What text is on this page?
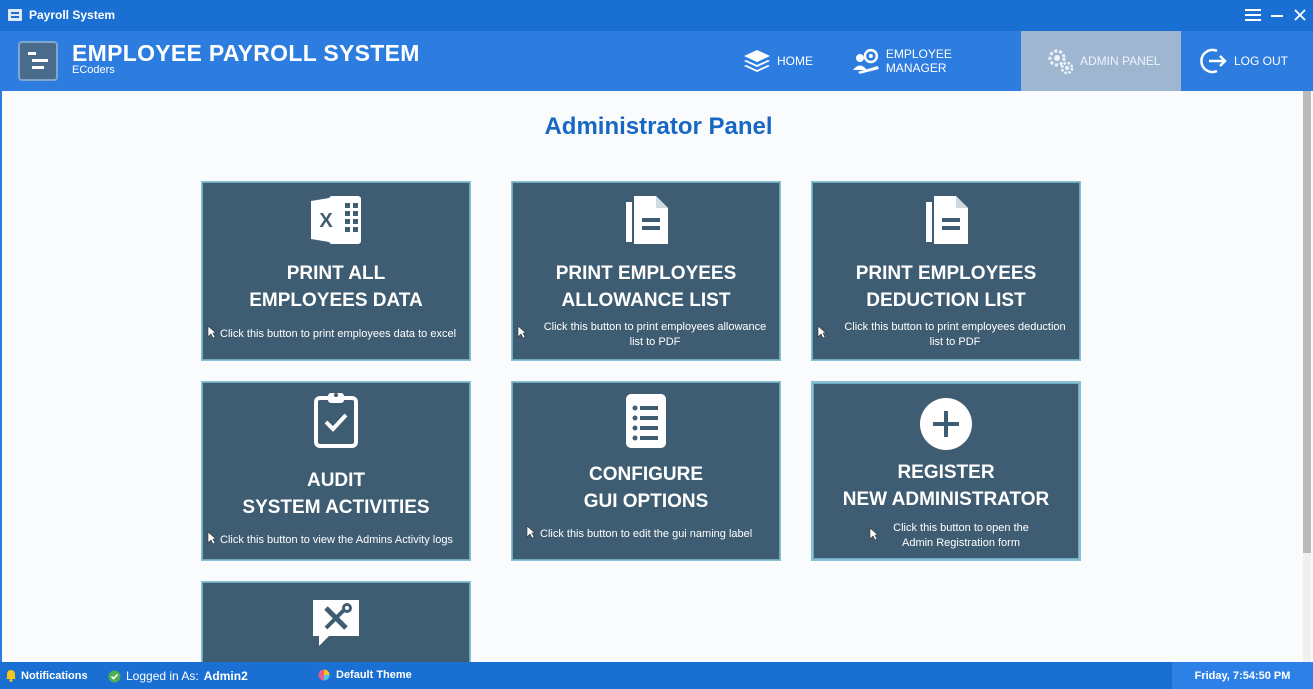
Payroll System
EMPLOYEE PAYROLL SYSTEM
ECoders
HOME	EMPLOYEE MANAGER	ADMIN PANEL	LOG OUT
Administrator Panel
X
PRINT ALL
EMPLOYEES DATA
Click this button to print employees data to excel
PRINT EMPLOYEES
ALLOWANCE LIST
Click this button to print employees allowance
list to PDF
PRINT EMPLOYEES
DEDUCTION LIST
Click this button to print employees deduction
list to PDF
AUDIT
SYSTEM ACTIVITIES
Click this button to view the Admins Activity logs
CONFIGURE
GUI OPTIONS
Click this button to edit the gui naming label
REGISTER
NEW ADMINISTRATOR
Click this button to open the
Admin Registration form
Notifications	Logged in As: Admin2	Default Theme	Friday, 7:54:50 PM
